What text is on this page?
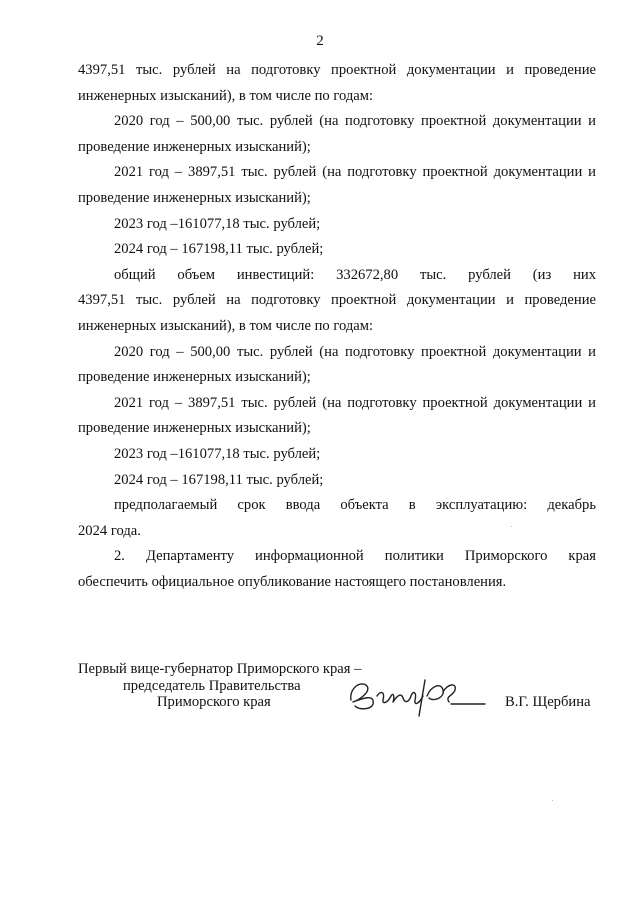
2
4397,51 тыс. рублей на подготовку проектной документации и проведение
инженерных изысканий), в том числе по годам:
2020 год – 500,00 тыс. рублей (на подготовку проектной документации и
проведение инженерных изысканий);
2021 год – 3897,51 тыс. рублей (на подготовку проектной документации и
проведение инженерных изысканий);
2023 год –161077,18 тыс. рублей;
2024 год – 167198,11 тыс. рублей;
общий объем инвестиций: 332672,80 тыс. рублей (из них
4397,51 тыс. рублей на подготовку проектной документации и проведение
инженерных изысканий), в том числе по годам:
2020 год – 500,00 тыс. рублей (на подготовку проектной документации и
проведение инженерных изысканий);
2021 год – 3897,51 тыс. рублей (на подготовку проектной документации и
проведение инженерных изысканий);
2023 год –161077,18 тыс. рублей;
2024 год – 167198,11 тыс. рублей;
предполагаемый срок ввода объекта в эксплуатацию: декабрь
2024 года.
2. Департаменту информационной политики Приморского края
обеспечить официальное опубликование настоящего постановления.
Первый вице-губернатор Приморского края –
председатель Правительства
Приморского края	В.Г. Щербина
